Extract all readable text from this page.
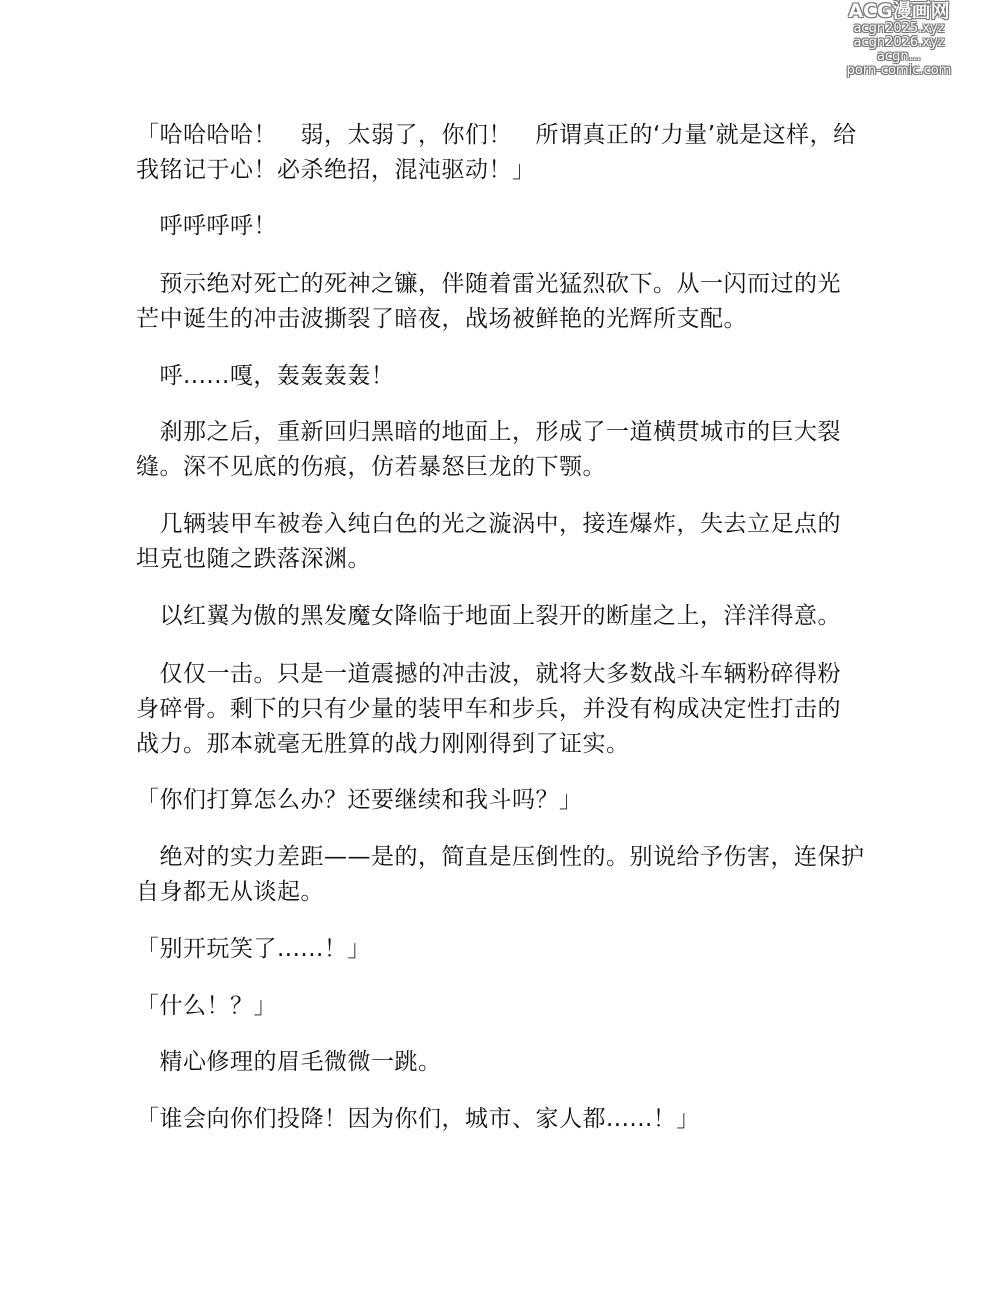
ACG漫画网
acgn2025.xyz
acgn2026.xyz
acgn...
porn-comic.com

「哈哈哈哈！　弱，太弱了，你们！　所谓真正的‘力量’就是这样，给
我铭记于心！必杀绝招，混沌驱动！」

　呼呼呼呼！

　预示绝对死亡的死神之镰，伴随着雷光猛烈砍下。从一闪而过的光
芒中诞生的冲击波撕裂了暗夜，战场被鲜艳的光辉所支配。

　呼......嘎，轰轰轰轰！

　刹那之后，重新回归黑暗的地面上，形成了一道横贯城市的巨大裂
缝。深不见底的伤痕，仿若暴怒巨龙的下颚。

　几辆装甲车被卷入纯白色的光之漩涡中，接连爆炸，失去立足点的
坦克也随之跌落深渊。

　以红翼为傲的黑发魔女降临于地面上裂开的断崖之上，洋洋得意。

　仅仅一击。只是一道震撼的冲击波，就将大多数战斗车辆粉碎得粉
身碎骨。剩下的只有少量的装甲车和步兵，并没有构成决定性打击的
战力。那本就毫无胜算的战力刚刚得到了证实。

「你们打算怎么办？还要继续和我斗吗？」

　绝对的实力差距——是的，简直是压倒性的。别说给予伤害，连保护
自身都无从谈起。

「别开玩笑了......！」

「什么！？」

　精心修理的眉毛微微一跳。

「谁会向你们投降！因为你们，城市、家人都......！」
